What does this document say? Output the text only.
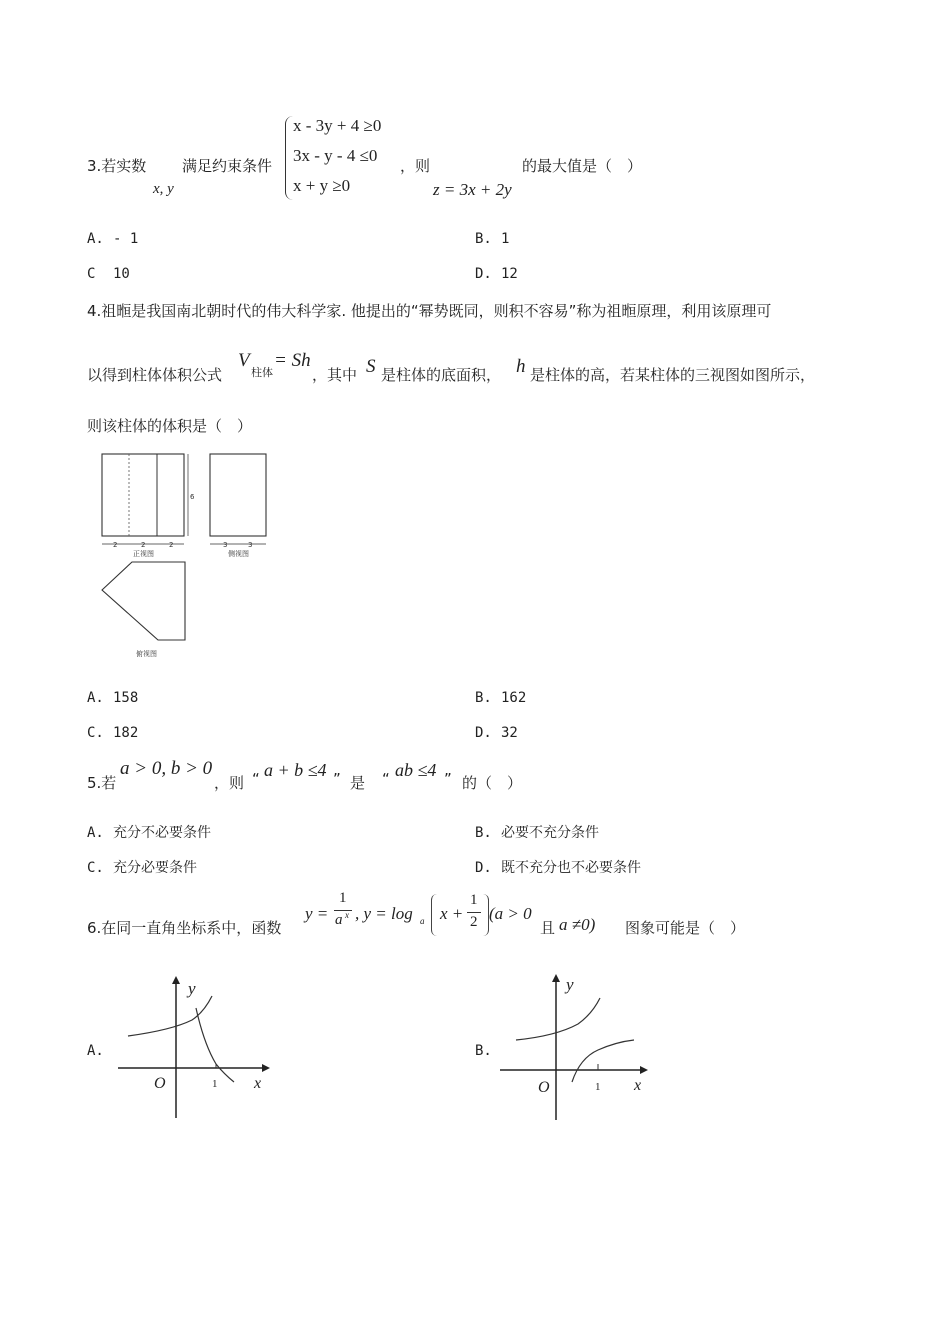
3.若实数 满足约束条件
x, y
x - 3y + 4 ≥0
3x - y - 4 ≤0
x + y ≥0
，则
z = 3x + 2y
的最大值是（　）
A. - 1	B. 1
C 10	D. 12
4.祖暅是我国南北朝时代的伟大科学家. 他提出的“幂势既同，则积不容易”称为祖暅原理，利用该原理可
以得到柱体体积公式
V
柱体
= Sh
，其中 S 是柱体的底面积， h 是柱体的高，若某柱体的三视图如图所示，
则该柱体的体积是（　）
6
2	2	2
正视图
3	3
侧视图
俯视图
A. 158	B. 162
C. 182	D. 32
5.若
a > 0, b > 0
，则 “ a + b ≤4 ” 是 “ ab ≤4 ” 的（　）
A. 充分不必要条件	B. 必要不充分条件
C. 充分必要条件	D. 既不充分也不必要条件
6.在同一直角坐标系中，函数
y =
1
a x , y = log a x +
1
2 (a > 0
且 a ≠0) 图象可能是（　）
A.
y
x
O	1
B.
y
x
O	1
